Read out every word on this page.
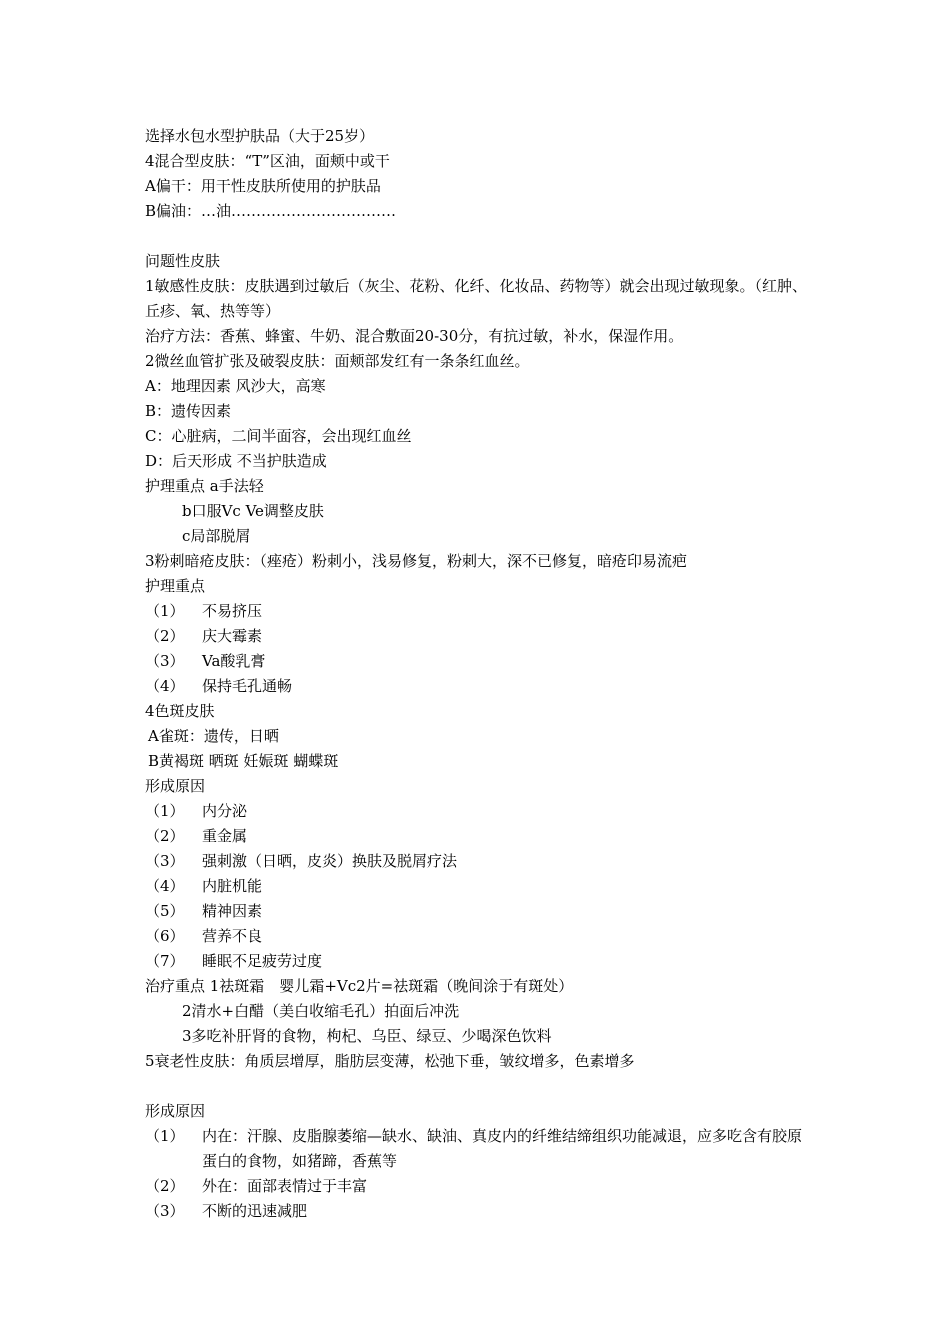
选择水包水型护肤品（大于25岁）
4混合型皮肤：“T”区油，面颊中或干
A偏干：用干性皮肤所使用的护肤品
B偏油：…油……………………………
问题性皮肤
1敏感性皮肤：皮肤遇到过敏后（灰尘、花粉、化纤、化妆品、药物等）就会出现过敏现象。（红肿、丘疹、氧、热等等）
治疗方法：香蕉、蜂蜜、牛奶、混合敷面20-30分，有抗过敏，补水，保湿作用。
2微丝血管扩张及破裂皮肤：面颊部发红有一条条红血丝。
A：地理因素 风沙大，高寒
B：遗传因素
C：心脏病，二间半面容，会出现红血丝
D：后天形成 不当护肤造成
护理重点 a手法轻
b口服Vc Ve调整皮肤
c局部脱屑
3粉刺暗疮皮肤：（痤疮）粉刺小，浅易修复，粉刺大，深不已修复，暗疮印易流疤
护理重点
（1）	不易挤压
（2）	庆大霉素
（3）	Va酸乳膏
（4）	保持毛孔通畅
4色斑皮肤
A雀斑：遗传，日晒
B黄褐斑 晒斑 妊娠斑 蝴蝶斑
形成原因
（1）	内分泌
（2）	重金属
（3）	强刺激（日晒，皮炎）换肤及脱屑疗法
（4）	内脏机能
（5）	精神因素
（6）	营养不良
（7）	睡眠不足疲劳过度
治疗重点 1祛斑霜　婴儿霜+Vc2片=祛斑霜（晚间涂于有斑处）
2清水+白醋（美白收缩毛孔）拍面后冲洗
3多吃补肝肾的食物，枸杞、乌臣、绿豆、少喝深色饮料
5衰老性皮肤：角质层增厚，脂肪层变薄，松弛下垂，皱纹增多，色素增多
形成原因
（1）	内在：汗腺、皮脂腺萎缩—缺水、缺油、真皮内的纤维结缔组织功能减退，应多吃含有胶原蛋白的食物，如猪蹄，香蕉等
（2）	外在：面部表情过于丰富
（3）	不断的迅速减肥
